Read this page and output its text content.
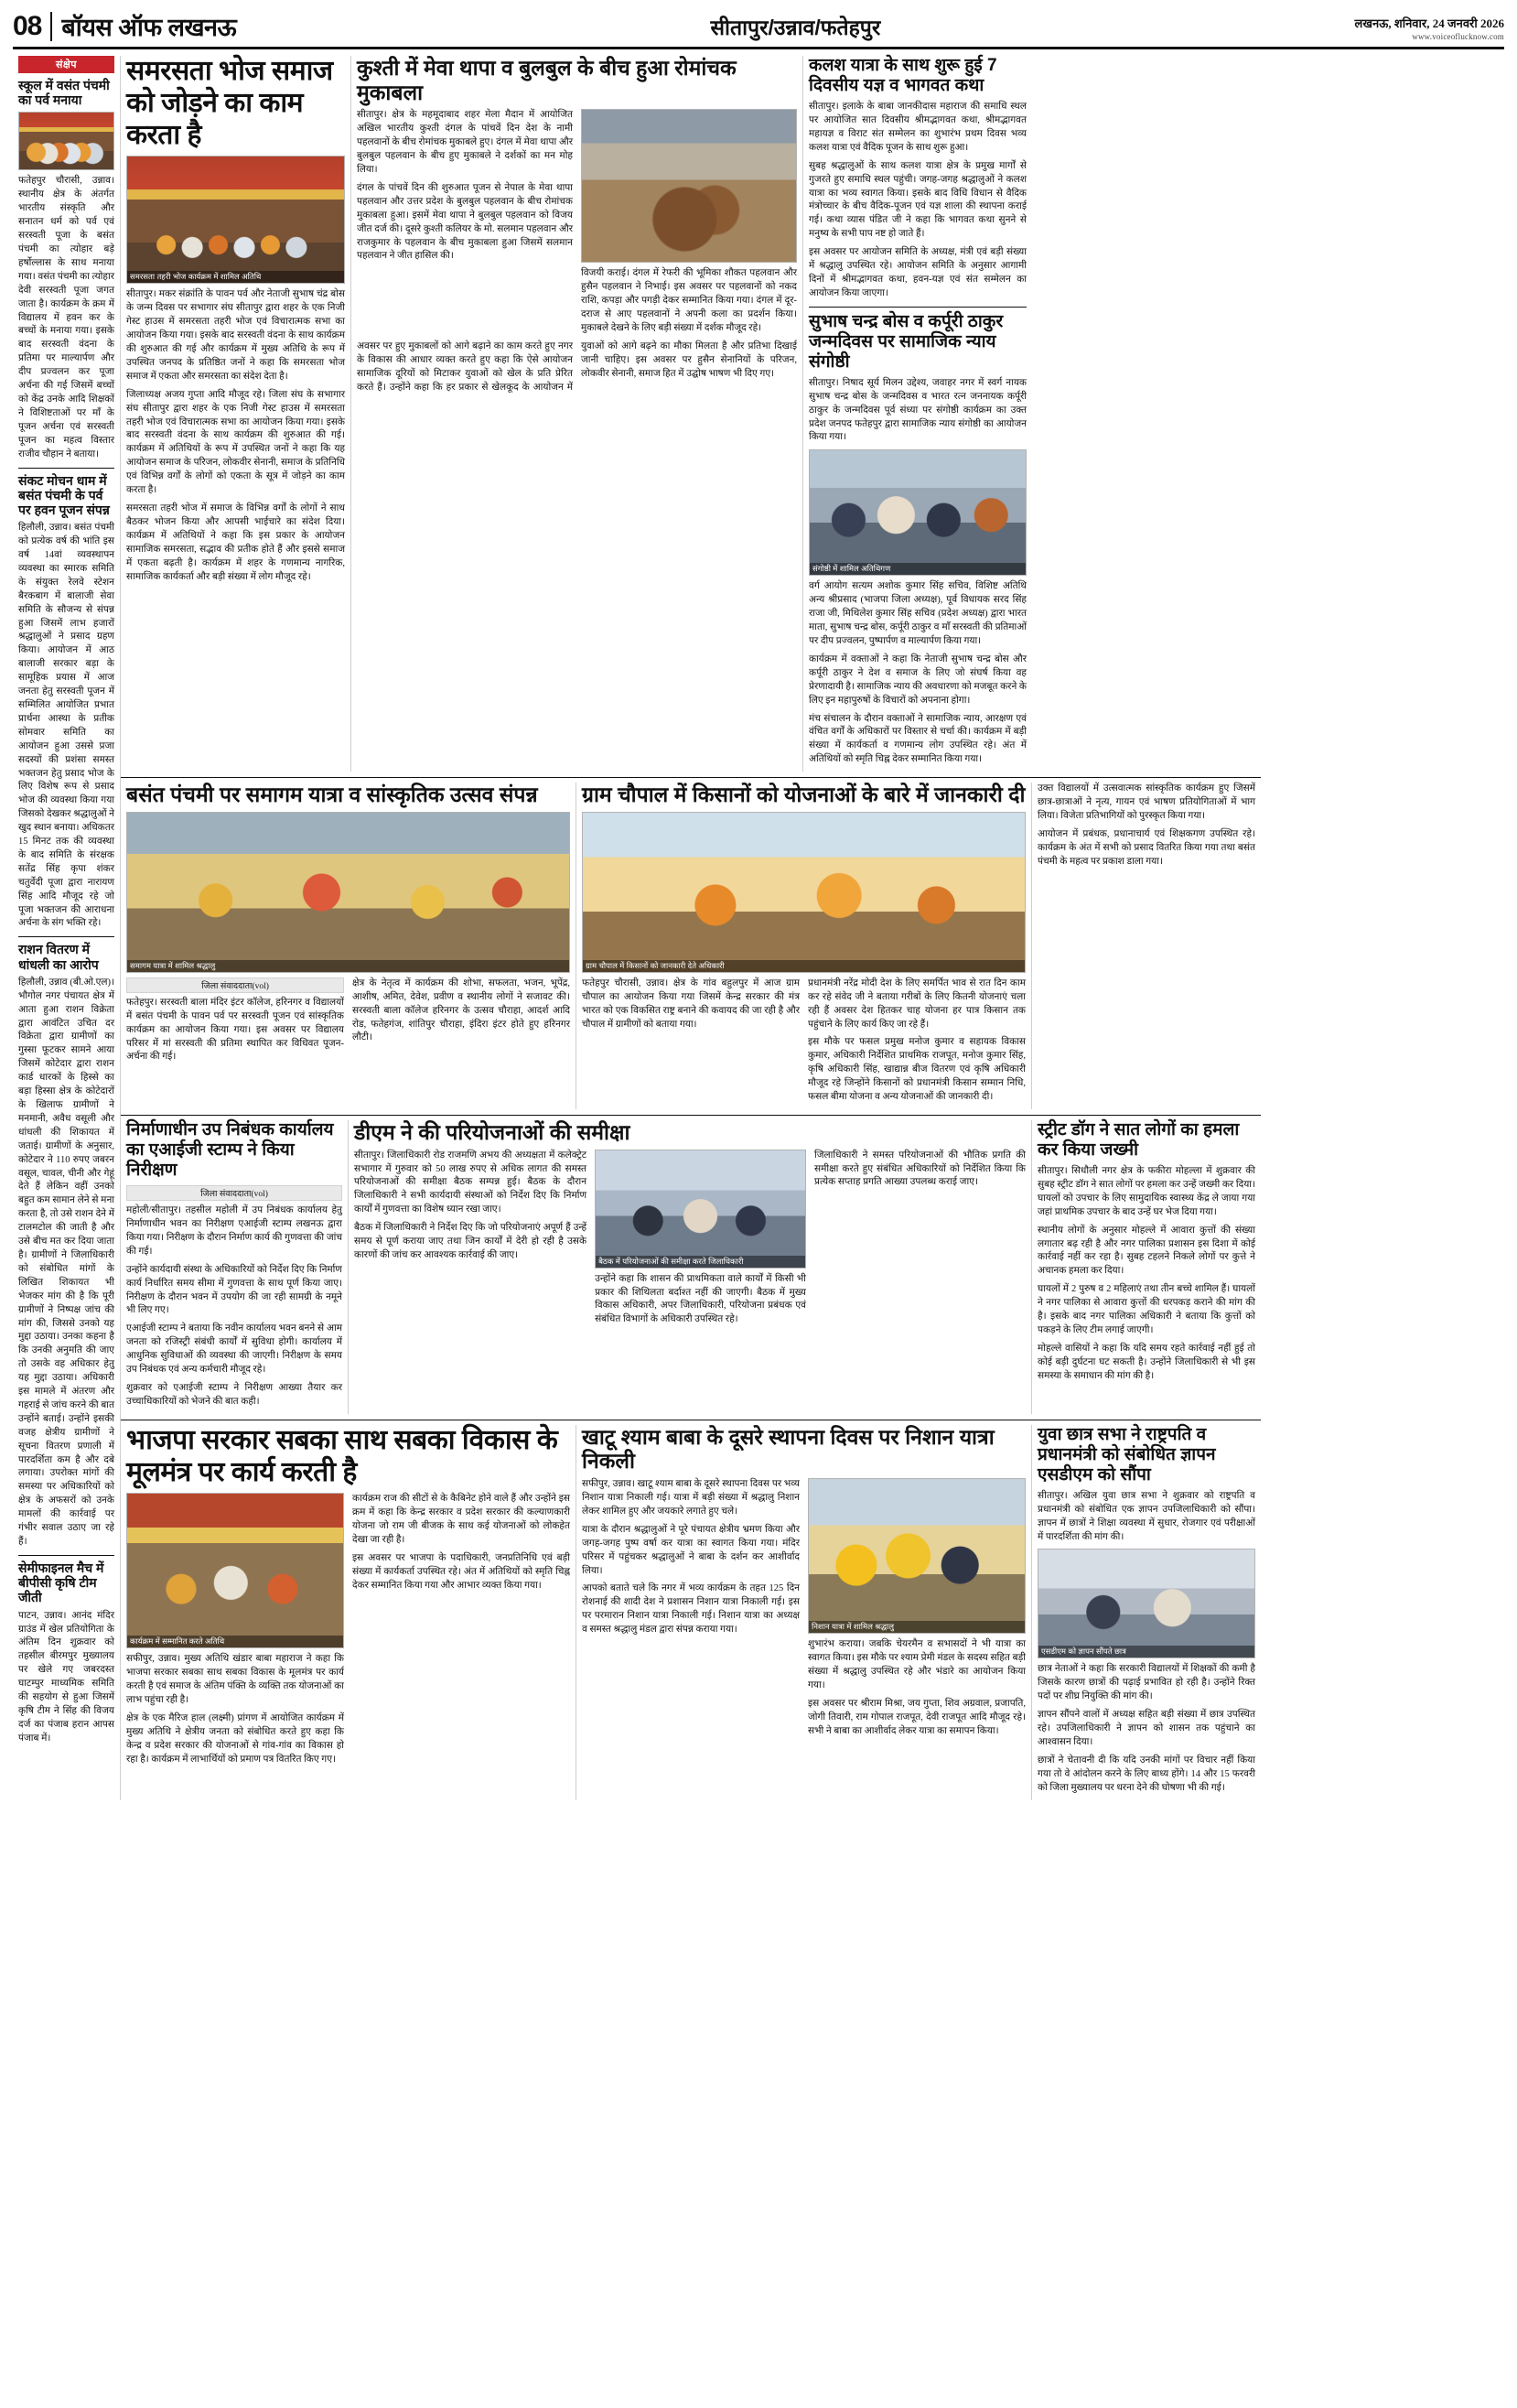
08 बॉयस ऑफ लखनऊ	सीतापुर/उन्नाव/फतेहपुर	लखनऊ, शनिवार, 24 जनवरी 2026
www.voiceoflucknow.com
संक्षेप
स्कूल में वसंत पंचमी का पर्व मनाया

फतेहपुर चौरासी, उन्नाव। स्थानीय क्षेत्र के अंतर्गत भारतीय संस्कृति और सनातन धर्म को पर्व एवं सरस्वती पूजा के बसंत पंचमी का त्योहार बड़े हर्षोल्लास के साथ मनाया गया। वसंत पंचमी का त्योहार देवी सरस्वती पूजा जगत जाता है। कार्यक्रम के क्रम में विद्यालय में हवन कर के बच्चों के मनाया गया। इसके बाद सरस्वती वंदना के प्रतिमा पर माल्यार्पण और दीप प्रज्वलन कर पूजा अर्चना की गई जिसमें बच्चों को केंद्र उनके आदि शिक्षकों ने विशिष्टताओं पर माँ के पूजन अर्चना एवं सरस्वती पूजन का महत्व विस्तार राजीव चौहान ने बताया।

संकट मोचन धाम में बसंत पंचमी के पर्व पर हवन पूजन संपन्न

हिलौली, उन्नाव। बसंत पंचमी को प्रत्येक वर्ष की भांति इस वर्ष 14वां व्यवस्थापन व्यवस्था का स्मारक समिति के संयुक्त रेलवे स्टेशन बैरकबाग में बालाजी सेवा समिति के सौजन्य से संपन्न हुआ जिसमें लाभ हजारों श्रद्धालुओं ने प्रसाद ग्रहण किया। आयोजन में आठ बालाजी सरकार बड़ा के सामूहिक प्रयास में आज जनता हेतु सरस्वती पूजन में सम्मिलित आयोजित प्रभात प्रार्थना आस्था के प्रतीक सोमवार समिति का आयोजन हुआ उससे प्रजा सदस्यों की प्रशंसा समस्त भक्तजन हेतु प्रसाद भोज के लिए विशेष रूप से प्रसाद भोज की व्यवस्था किया गया जिसको देखकर श्रद्धालुओं ने खुद स्थान बनाया। अधिकतर 15 मिनट तक की व्यवस्था के बाद समिति के संरक्षक सतेंद्र सिंह कृपा शंकर चतुर्वेदी पूजा द्वारा नारायण सिंह आदि मौजूद रहे जो पूजा भक्तजन की आराधना अर्चना के संग भक्ति रहे।

राशन वितरण में धांधली का आरोप

हिलौली, उन्नाव (बी.ओ.एल)। भौगोल नगर पंचायत क्षेत्र में आता हुआ राशन विक्रेता द्वारा आवंटित उचित दर विक्रेता द्वारा ग्रामीणों का गुस्सा फूटकर सामने आया जिसमें कोटेदार द्वारा राशन कार्ड धारकों के हिस्से का बड़ा हिस्सा क्षेत्र के कोटेदारों के खिलाफ ग्रामीणों ने मनमानी, अवैध वसूली और धांधली की शिकायत में जताई। ग्रामीणों के अनुसार, कोटेदार ने 110 रुपए जबरन वसूल, चावल, चीनी और गेहूं देते हैं लेकिन वहीं उनको बहुत कम सामान लेने से मना करता है, तो उसे राशन देने में टालमटोल की जाती है और उसे बीच मत कर दिया जाता है। ग्रामीणों ने जिलाधिकारी को संबोधित मांगों के लिखित शिकायत भी भेजकर मांग की है कि पूरी ग्रामीणों ने निष्पक्ष जांच की मांग की, जिससे उनको यह मुद्दा उठाया। उनका कहना है कि उनकी अनुमति की जाए तो उसके वह अधिकार हेतु यह मुद्दा उठाया। अधिकारी इस मामले में अंतरण और गहराई से जांच करने की बात उन्होंने बताई। उन्होंने इसकी वजह क्षेत्रीय ग्रामीणों ने सूचना वितरण प्रणाली में पारदर्शिता कम है और दबे लगाया। उपरोक्त मांगों की समस्या पर अधिकारियों को क्षेत्र के अफसरों को उनके मामलों की कार्रवाई पर गंभीर सवाल उठाए जा रहे हैं।

सेमीफाइनल मैच में बीपीसी कृषि टीम जीती

पाटन, उन्नाव। आनंद मंदिर ग्राउंड में खेल प्रतियोगिता के अंतिम दिन शुक्रवार को तहसील बीरमपुर मुख्यालय पर खेले गए जबरदस्त घाटम्पुर माध्यमिक समिति की सहयोग से हुआ जिसमें कृषि टीम ने सिंह की विजय दर्ज का पंजाब हरान आपस पंजाब में।

समरसता भोज समाज को जोड़ने का काम करता है
समरसता तहरी भोज कार्यक्रम में शामिल अतिथि

सीतापुर। मकर संक्रांति के पावन पर्व और नेताजी सुभाष चंद्र बोस के जन्म दिवस पर सभागार संघ सीतापुर द्वारा शहर के एक निजी गेस्ट हाउस में समरसता तहरी भोज एवं विचारात्मक सभा का आयोजन किया गया। इसके बाद सरस्वती वंदना के साथ कार्यक्रम की शुरुआत की गई और कार्यक्रम में मुख्य अतिथि के रूप में उपस्थित जनपद के प्रतिष्ठित जनों ने कहा कि समरसता भोज समाज में एकता और समरसता का संदेश देता है।

जिलाध्यक्ष अजय गुप्ता आदि मौजूद रहे। जिला संघ के सभागार संघ सीतापुर द्वारा शहर के एक निजी गेस्ट हाउस में समरसता तहरी भोज एवं विचारात्मक सभा का आयोजन किया गया। इसके बाद सरस्वती वंदना के साथ कार्यक्रम की शुरुआत की गई। कार्यक्रम में अतिथियों के रूप में उपस्थित जनों ने कहा कि यह आयोजन समाज के परिजन, लोकवीर सेनानी, समाज के प्रतिनिधि एवं विभिन्न वर्गों के लोगों को एकता के सूत्र में जोड़ने का काम करता है।

समरसता तहरी भोज में समाज के विभिन्न वर्गों के लोगों ने साथ बैठकर भोजन किया और आपसी भाईचारे का संदेश दिया। कार्यक्रम में अतिथियों ने कहा कि इस प्रकार के आयोजन सामाजिक समरसता, सद्भाव की प्रतीक होते हैं और इससे समाज में एकता बढ़ती है। कार्यक्रम में शहर के गणमान्य नागरिक, सामाजिक कार्यकर्ता और बड़ी संख्या में लोग मौजूद रहे।

कुश्ती में मेवा थापा व बुलबुल के बीच हुआ रोमांचक मुकाबला

सीतापुर। क्षेत्र के महमूदाबाद शहर मेला मैदान में आयोजित अखिल भारतीय कुश्ती दंगल के पांचवें दिन देश के नामी पहलवानों के बीच रोमांचक मुकाबले हुए। दंगल में मेवा थापा और बुलबुल पहलवान के बीच हुए मुकाबले ने दर्शकों का मन मोह लिया।

दंगल के पांचवें दिन की शुरुआत पूजन से नेपाल के मेवा थापा पहलवान और उत्तर प्रदेश के बुलबुल पहलवान के बीच रोमांचक मुकाबला हुआ। इसमें मेवा थापा ने बुलबुल पहलवान को विजय जीत दर्ज की। दूसरे कुश्ती कलियर के मो. सलमान पहलवान और राजकुमार के पहलवान के बीच मुकाबला हुआ जिसमें सलमान पहलवान ने जीत हासिल की।

विजयी कराई। दंगल में रेफरी की भूमिका शौकत पहलवान और हुसैन पहलवान ने निभाई। इस अवसर पर पहलवानों को नकद राशि, कपड़ा और पगड़ी देकर सम्मानित किया गया। दंगल में दूर-दराज से आए पहलवानों ने अपनी कला का प्रदर्शन किया। मुकाबले देखने के लिए बड़ी संख्या में दर्शक मौजूद रहे।

अवसर पर हुए मुकाबलों को आगे बढ़ाने का काम करते हुए नगर के विकास की आधार व्यक्त करते हुए कहा कि ऐसे आयोजन सामाजिक दूरियों को मिटाकर युवाओं को खेल के प्रति प्रेरित करते हैं। उन्होंने कहा कि हर प्रकार से खेलकूद के आयोजन में युवाओं को आगे बढ़ने का मौका मिलता है और प्रतिभा दिखाई जानी चाहिए। इस अवसर पर हुसैन सेनानियों के परिजन, लोकवीर सेनानी, समाज हित में उद्घोष भाषण भी दिए गए।

कलश यात्रा के साथ शुरू हुई 7 दिवसीय यज्ञ व भागवत कथा

सीतापुर। इलाके के बाबा जानकीदास महाराज की समाधि स्थल पर आयोजित सात दिवसीय श्रीमद्भागवत कथा, श्रीमद्भागवत महायज्ञ व विराट संत सम्मेलन का शुभारंभ प्रथम दिवस भव्य कलश यात्रा एवं वैदिक पूजन के साथ शुरू हुआ।

सुबह श्रद्धालुओं के साथ कलश यात्रा क्षेत्र के प्रमुख मार्गों से गुजरते हुए समाधि स्थल पहुंची। जगह-जगह श्रद्धालुओं ने कलश यात्रा का भव्य स्वागत किया। इसके बाद विधि विधान से वैदिक मंत्रोच्चार के बीच वैदिक-पूजन एवं यज्ञ शाला की स्थापना कराई गई। कथा व्यास पंडित जी ने कहा कि भागवत कथा सुनने से मनुष्य के सभी पाप नष्ट हो जाते हैं।

इस अवसर पर आयोजन समिति के अध्यक्ष, मंत्री एवं बड़ी संख्या में श्रद्धालु उपस्थित रहे। आयोजन समिति के अनुसार आगामी दिनों में श्रीमद्भागवत कथा, हवन-यज्ञ एवं संत सम्मेलन का आयोजन किया जाएगा।

सुभाष चन्द्र बोस व कर्पूरी ठाकुर जन्मदिवस पर सामाजिक न्याय संगोष्ठी

सीतापुर। निषाद सूर्य मिलन उद्देश्य, जवाहर नगर में स्वर्ग नायक सुभाष चन्द्र बोस के जन्मदिवस व भारत रत्न जननायक कर्पूरी ठाकुर के जन्मदिवस पूर्व संध्या पर संगोष्ठी कार्यक्रम का उक्त प्रदेश जनपद फतेहपुर द्वारा सामाजिक न्याय संगोष्ठी का आयोजन किया गया।

संगोष्ठी में शामिल अतिथिगण

वर्ग आयोग सत्यम अशोक कुमार सिंह सचिव, विशिष्ट अतिथि अन्य श्रीप्रसाद (भाजपा जिला अध्यक्ष), पूर्व विधायक सरद सिंह राजा जी, मिथिलेश कुमार सिंह सचिव (प्रदेश अध्यक्ष) द्वारा भारत माता, सुभाष चन्द्र बोस, कर्पूरी ठाकुर व माँ सरस्वती की प्रतिमाओं पर दीप प्रज्वलन, पुष्पार्पण व माल्यार्पण किया गया।

कार्यक्रम में वक्ताओं ने कहा कि नेताजी सुभाष चन्द्र बोस और कर्पूरी ठाकुर ने देश व समाज के लिए जो संघर्ष किया वह प्रेरणादायी है। सामाजिक न्याय की अवधारणा को मजबूत करने के लिए इन महापुरुषों के विचारों को अपनाना होगा।

मंच संचालन के दौरान वक्ताओं ने सामाजिक न्याय, आरक्षण एवं वंचित वर्गों के अधिकारों पर विस्तार से चर्चा की। कार्यक्रम में बड़ी संख्या में कार्यकर्ता व गणमान्य लोग उपस्थित रहे। अंत में अतिथियों को स्मृति चिह्न देकर सम्मानित किया गया।

बसंत पंचमी पर समागम यात्रा व सांस्कृतिक उत्सव संपन्न
समागम यात्रा में शामिल श्रद्धालु
जिला संवाददाता(vol)

फतेहपुर। सरस्वती बाला मंदिर इंटर कॉलेज, हरिनगर व विद्यालयों में बसंत पंचमी के पावन पर्व पर सरस्वती पूजन एवं सांस्कृतिक कार्यक्रम का आयोजन किया गया। इस अवसर पर विद्यालय परिसर में मां सरस्वती की प्रतिमा स्थापित कर विधिवत पूजन-अर्चना की गई।

क्षेत्र के नेतृत्व में कार्यक्रम की शोभा, सफलता, भजन, भूपेंद्र, आशीष, अमित, देवेश, प्रवीण व स्थानीय लोगों ने सजावट की। सरस्वती बाला कॉलेज हरिनगर के उत्सव चौराहा, आदर्श आदि रोड, फतेहगंज, शांतिपुर चौराहा, इंदिरा इंटर होते हुए हरिनगर लौटी।

ग्राम चौपाल में किसानों को योजनाओं के बारे में जानकारी दी
ग्राम चौपाल में किसानों को जानकारी देते अधिकारी

फतेहपुर चौरासी, उन्नाव। क्षेत्र के गांव बहुलपुर में आज ग्राम चौपाल का आयोजन किया गया जिसमें केन्द्र सरकार की मंत्र भारत को एक विकसित राष्ट्र बनाने की कवायद की जा रही है और चौपाल में ग्रामीणों को बताया गया।

प्रधानमंत्री नरेंद्र मोदी देश के लिए समर्पित भाव से रात दिन काम कर रहे संवेद जी ने बताया गरीबों के लिए कितनी योजनाएं चला रही हैं अवसर देश हितकर चाह योजना हर पात्र किसान तक पहुंचाने के लिए कार्य किए जा रहे हैं।

इस मौके पर फसल प्रमुख मनोज कुमार व सहायक विकास कुमार, अधिकारी निर्देशित प्राथमिक राजपूत, मनोज कुमार सिंह, कृषि अधिकारी सिंह, खाद्यान्न बीज वितरण एवं कृषि अधिकारी मौजूद रहे जिन्होंने किसानों को प्रधानमंत्री किसान सम्मान निधि, फसल बीमा योजना व अन्य योजनाओं की जानकारी दी।

उक्त विद्यालयों में उत्सवात्मक सांस्कृतिक कार्यक्रम हुए जिसमें छात्र-छात्राओं ने नृत्य, गायन एवं भाषण प्रतियोगिताओं में भाग लिया। विजेता प्रतिभागियों को पुरस्कृत किया गया।

आयोजन में प्रबंधक, प्रधानाचार्य एवं शिक्षकगण उपस्थित रहे। कार्यक्रम के अंत में सभी को प्रसाद वितरित किया गया तथा बसंत पंचमी के महत्व पर प्रकाश डाला गया।

निर्माणाधीन उप निबंधक कार्यालय का एआईजी स्टाम्प ने किया निरीक्षण
जिला संवाददाता(vol)

महोली/सीतापुर। तहसील महोली में उप निबंधक कार्यालय हेतु निर्माणाधीन भवन का निरीक्षण एआईजी स्टाम्प लखनऊ द्वारा किया गया। निरीक्षण के दौरान निर्माण कार्य की गुणवत्ता की जांच की गई।

उन्होंने कार्यदायी संस्था के अधिकारियों को निर्देश दिए कि निर्माण कार्य निर्धारित समय सीमा में गुणवत्ता के साथ पूर्ण किया जाए। निरीक्षण के दौरान भवन में उपयोग की जा रही सामग्री के नमूने भी लिए गए।

एआईजी स्टाम्प ने बताया कि नवीन कार्यालय भवन बनने से आम जनता को रजिस्ट्री संबंधी कार्यों में सुविधा होगी। कार्यालय में आधुनिक सुविधाओं की व्यवस्था की जाएगी। निरीक्षण के समय उप निबंधक एवं अन्य कर्मचारी मौजूद रहे।

शुक्रवार को एआईजी स्टाम्प ने निरीक्षण आख्या तैयार कर उच्चाधिकारियों को भेजने की बात कही।

डीएम ने की परियोजनाओं की समीक्षा

सीतापुर। जिलाधिकारी रोड राजमणि अभय की अध्यक्षता में कलेक्ट्रेट सभागार में गुरुवार को 50 लाख रुपए से अधिक लागत की समस्त परियोजनाओं की समीक्षा बैठक सम्पन्न हुई। बैठक के दौरान जिलाधिकारी ने सभी कार्यदायी संस्थाओं को निर्देश दिए कि निर्माण कार्यों में गुणवत्ता का विशेष ध्यान रखा जाए।

बैठक में जिलाधिकारी ने निर्देश दिए कि जो परियोजनाएं अपूर्ण हैं उन्हें समय से पूर्ण कराया जाए तथा जिन कार्यों में देरी हो रही है उसके कारणों की जांच कर आवश्यक कार्रवाई की जाए।

बैठक में परियोजनाओं की समीक्षा करते जिलाधिकारी

उन्होंने कहा कि शासन की प्राथमिकता वाले कार्यों में किसी भी प्रकार की शिथिलता बर्दाश्त नहीं की जाएगी। बैठक में मुख्य विकास अधिकारी, अपर जिलाधिकारी, परियोजना प्रबंधक एवं संबंधित विभागों के अधिकारी उपस्थित रहे।

जिलाधिकारी ने समस्त परियोजनाओं की भौतिक प्रगति की समीक्षा करते हुए संबंधित अधिकारियों को निर्देशित किया कि प्रत्येक सप्ताह प्रगति आख्या उपलब्ध कराई जाए।

स्ट्रीट डॉग ने सात लोगों का हमला कर किया जख्मी

सीतापुर। सिधौली नगर क्षेत्र के फकीरा मोहल्ला में शुक्रवार की सुबह स्ट्रीट डॉग ने सात लोगों पर हमला कर उन्हें जख्मी कर दिया। घायलों को उपचार के लिए सामुदायिक स्वास्थ्य केंद्र ले जाया गया जहां प्राथमिक उपचार के बाद उन्हें घर भेज दिया गया।

स्थानीय लोगों के अनुसार मोहल्ले में आवारा कुत्तों की संख्या लगातार बढ़ रही है और नगर पालिका प्रशासन इस दिशा में कोई कार्रवाई नहीं कर रहा है। सुबह टहलने निकले लोगों पर कुत्ते ने अचानक हमला कर दिया।

घायलों में 2 पुरुष व 2 महिलाएं तथा तीन बच्चे शामिल हैं। घायलों ने नगर पालिका से आवारा कुत्तों की धरपकड़ कराने की मांग की है। इसके बाद नगर पालिका अधिकारी ने बताया कि कुत्तों को पकड़ने के लिए टीम लगाई जाएगी।

मोहल्ले वासियों ने कहा कि यदि समय रहते कार्रवाई नहीं हुई तो कोई बड़ी दुर्घटना घट सकती है। उन्होंने जिलाधिकारी से भी इस समस्या के समाधान की मांग की है।

भाजपा सरकार सबका साथ सबका विकास के मूलमंत्र पर कार्य करती है
कार्यक्रम में सम्मानित करते अतिथि

सफीपुर, उन्नाव। मुख्य अतिथि खंडार बाबा महाराज ने कहा कि भाजपा सरकार सबका साथ सबका विकास के मूलमंत्र पर कार्य करती है एवं समाज के अंतिम पंक्ति के व्यक्ति तक योजनाओं का लाभ पहुंचा रही है।

क्षेत्र के एक मैरिज हाल (लक्ष्मी) प्रांगण में आयोजित कार्यक्रम में मुख्य अतिथि ने क्षेत्रीय जनता को संबोधित करते हुए कहा कि केन्द्र व प्रदेश सरकार की योजनाओं से गांव-गांव का विकास हो रहा है। कार्यक्रम में लाभार्थियों को प्रमाण पत्र वितरित किए गए।

कार्यक्रम राज की सीटों से के कैबिनेट होने वाले हैं और उन्होंने इस क्रम में कहा कि केन्द्र सरकार व प्रदेश सरकार की कल्याणकारी योजना जो राम जी बीजक के साथ कई योजनाओं को लोकहेत देखा जा रही है।

इस अवसर पर भाजपा के पदाधिकारी, जनप्रतिनिधि एवं बड़ी संख्या में कार्यकर्ता उपस्थित रहे। अंत में अतिथियों को स्मृति चिह्न देकर सम्मानित किया गया और आभार व्यक्त किया गया।

खाटू श्याम बाबा के दूसरे स्थापना दिवस पर निशान यात्रा निकली

सफीपुर, उन्नाव। खाटू श्याम बाबा के दूसरे स्थापना दिवस पर भव्य निशान यात्रा निकाली गई। यात्रा में बड़ी संख्या में श्रद्धालु निशान लेकर शामिल हुए और जयकारे लगाते हुए चले।

यात्रा के दौरान श्रद्धालुओं ने पूरे पंचायत क्षेत्रीय भ्रमण किया और जगह-जगह पुष्प वर्षा कर यात्रा का स्वागत किया गया। मंदिर परिसर में पहुंचकर श्रद्धालुओं ने बाबा के दर्शन कर आशीर्वाद लिया।

आपको बताते चले कि नगर में भव्य कार्यक्रम के तहत 125 दिन रोशनाई की शादी देश ने प्रशासन निशान यात्रा निकाली गई। इस पर परमारान निशान यात्रा निकाली गई। निशान यात्रा का अध्यक्ष व समस्त श्रद्धालु मंडल द्वारा संपन्न कराया गया।	निशान यात्रा में शामिल श्रद्धालु

शुभारंभ कराया। जबकि चेयरमैन व सभासदों ने भी यात्रा का स्वागत किया। इस मौके पर श्याम प्रेमी मंडल के सदस्य सहित बड़ी संख्या में श्रद्धालु उपस्थित रहे और भंडारे का आयोजन किया गया।

इस अवसर पर श्रीराम मिश्रा, जय गुप्ता, शिव अग्रवाल, प्रजापति, जोगी तिवारी, राम गोपाल राजपूत, देवी राजपूत आदि मौजूद रहे। सभी ने बाबा का आशीर्वाद लेकर यात्रा का समापन किया।

युवा छात्र सभा ने राष्ट्रपति व प्रधानमंत्री को संबोधित ज्ञापन एसडीएम को सौंपा

सीतापुर। अखिल युवा छात्र सभा ने शुक्रवार को राष्ट्रपति व प्रधानमंत्री को संबोधित एक ज्ञापन उपजिलाधिकारी को सौंपा। ज्ञापन में छात्रों ने शिक्षा व्यवस्था में सुधार, रोजगार एवं परीक्षाओं में पारदर्शिता की मांग की।

एसडीएम को ज्ञापन सौंपते छात्र

छात्र नेताओं ने कहा कि सरकारी विद्यालयों में शिक्षकों की कमी है जिसके कारण छात्रों की पढ़ाई प्रभावित हो रही है। उन्होंने रिक्त पदों पर शीघ्र नियुक्ति की मांग की।

ज्ञापन सौंपने वालों में अध्यक्ष सहित बड़ी संख्या में छात्र उपस्थित रहे। उपजिलाधिकारी ने ज्ञापन को शासन तक पहुंचाने का आश्वासन दिया।

छात्रों ने चेतावनी दी कि यदि उनकी मांगों पर विचार नहीं किया गया तो वे आंदोलन करने के लिए बाध्य होंगे। 14 और 15 फरवरी को जिला मुख्यालय पर धरना देने की घोषणा भी की गई।
